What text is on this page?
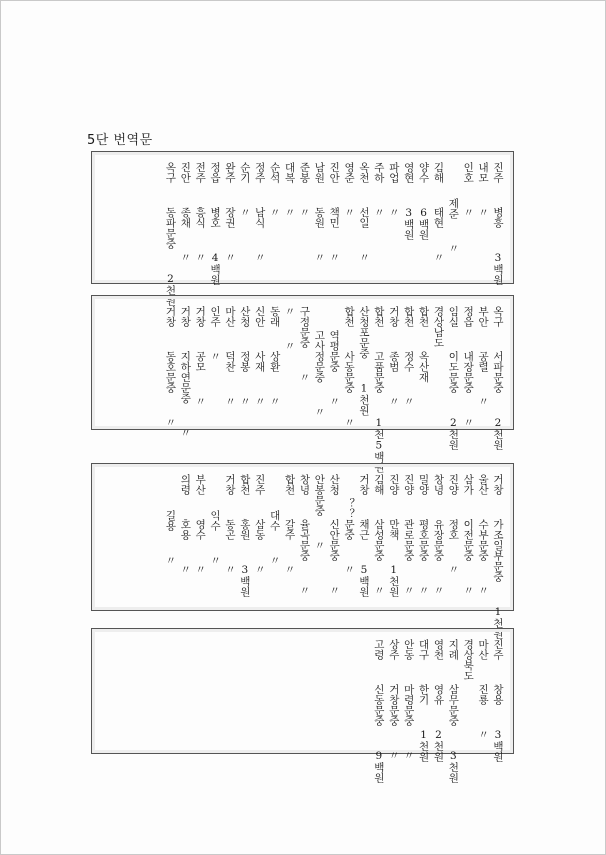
5단 번역문
진주  병흥  3백원
내모  〃
인호  〃
제준  〃
김해  태현  〃
양수  6백원
영현  3백원
파업  〃
주하  〃
옥천  선일  〃
영준  〃
진안  책민  〃
남원  동원  〃
준봉  〃
대복  〃
순석  〃
정주  남식  〃
순기  〃
완주  장권  〃
정읍  병호  4백원
전주  흥식  〃
진안  종채  〃
옥구  동파문중  2천원
옥구  서파문중  2천원
부안  공렬  〃
정읍  내장문중  〃
임실  이도문중  2천원
경상남도
합천  옥산재
합천  정수  〃
거창  종범  〃
합천  고품문중  1천5백원
산청포문중  1천원
합천  사동문중  〃
역평문중  〃
고사정문중  〃
구정문중  〃
〃  〃
동래  상환  〃
신안  사재  〃
산청  정봉  〃
마산  덕찬  〃
인주  〃
거창  공모  〃
거창  지하연문중  〃
거창  동호문중  〃
거창  가조일부문중  1천원
울산  수부문중  〃
삼가  이전문중  〃
진양  정호  〃
창녕  유장문중  〃
밀양  평호문중  〃
진양  관로문중  〃
진양  만책  1천원
김해  삼성문중  〃
거창  채근  5백원
？？문중  〃
산청  신안문중  〃
안봉문중  〃
창녕  율곡문중  〃
합천  갈주  〃
대수  〃
진주  삼동  〃
합천  홍원  3백원
거창  동곤  〃
익수  〃
부산  영수  〃
의령  호용  〃
길용  〃
진주  창용  3백원
마산  진룡  〃
경상북도
지례  삼무문중  3천원
영천  영유  2천원
대구  한기  1천원
안동  마령문중  〃
상주  거창문중  〃
고령  신동문중  9백원
